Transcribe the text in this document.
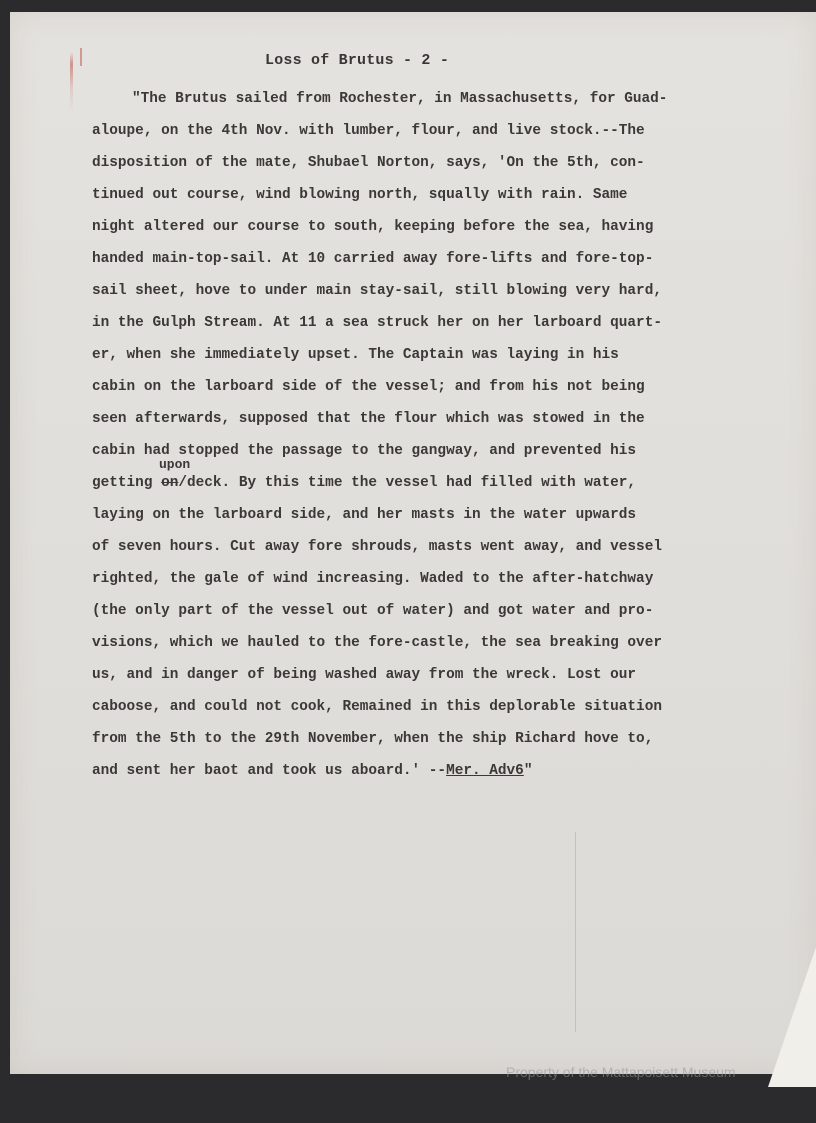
Loss of Brutus - 2 -
"The Brutus sailed from Rochester, in Massachusetts, for Guad-
aloupe, on the 4th Nov. with lumber, flour, and live stock.--The
disposition of the mate, Shubael Norton, says, 'On the 5th, con-
tinued out course, wind blowing north, squally with rain. Same
night altered our course to south, keeping before the sea, having
handed main-top-sail. At 10 carried away fore-lifts and fore-top-
sail sheet, hove to under main stay-sail, still blowing very hard,
in the Gulph Stream. At 11 a sea struck her on her larboard quart-
er, when she immediately upset. The Captain was laying in his
cabin on the larboard side of the vessel; and from his not being
seen afterwards, supposed that the flour which was stowed in the
cabin had stopped the passage to the gangway, and prevented his
getting
upon
on/deck. By this time the vessel had filled with water,
laying on the larboard side, and her masts in the water upwards
of seven hours. Cut away fore shrouds, masts went away, and vessel
righted, the gale of wind increasing. Waded to the after-hatchway
(the only part of the vessel out of water) and got water and pro-
visions, which we hauled to the fore-castle, the sea breaking over
us, and in danger of being washed away from the wreck. Lost our
caboose, and could not cook, Remained in this deplorable situation
from the 5th to the 29th November, when the ship Richard hove to,
and sent her baot and took us aboard.' --Mer. Adv6"

Property of the Mattapoisett Museum
